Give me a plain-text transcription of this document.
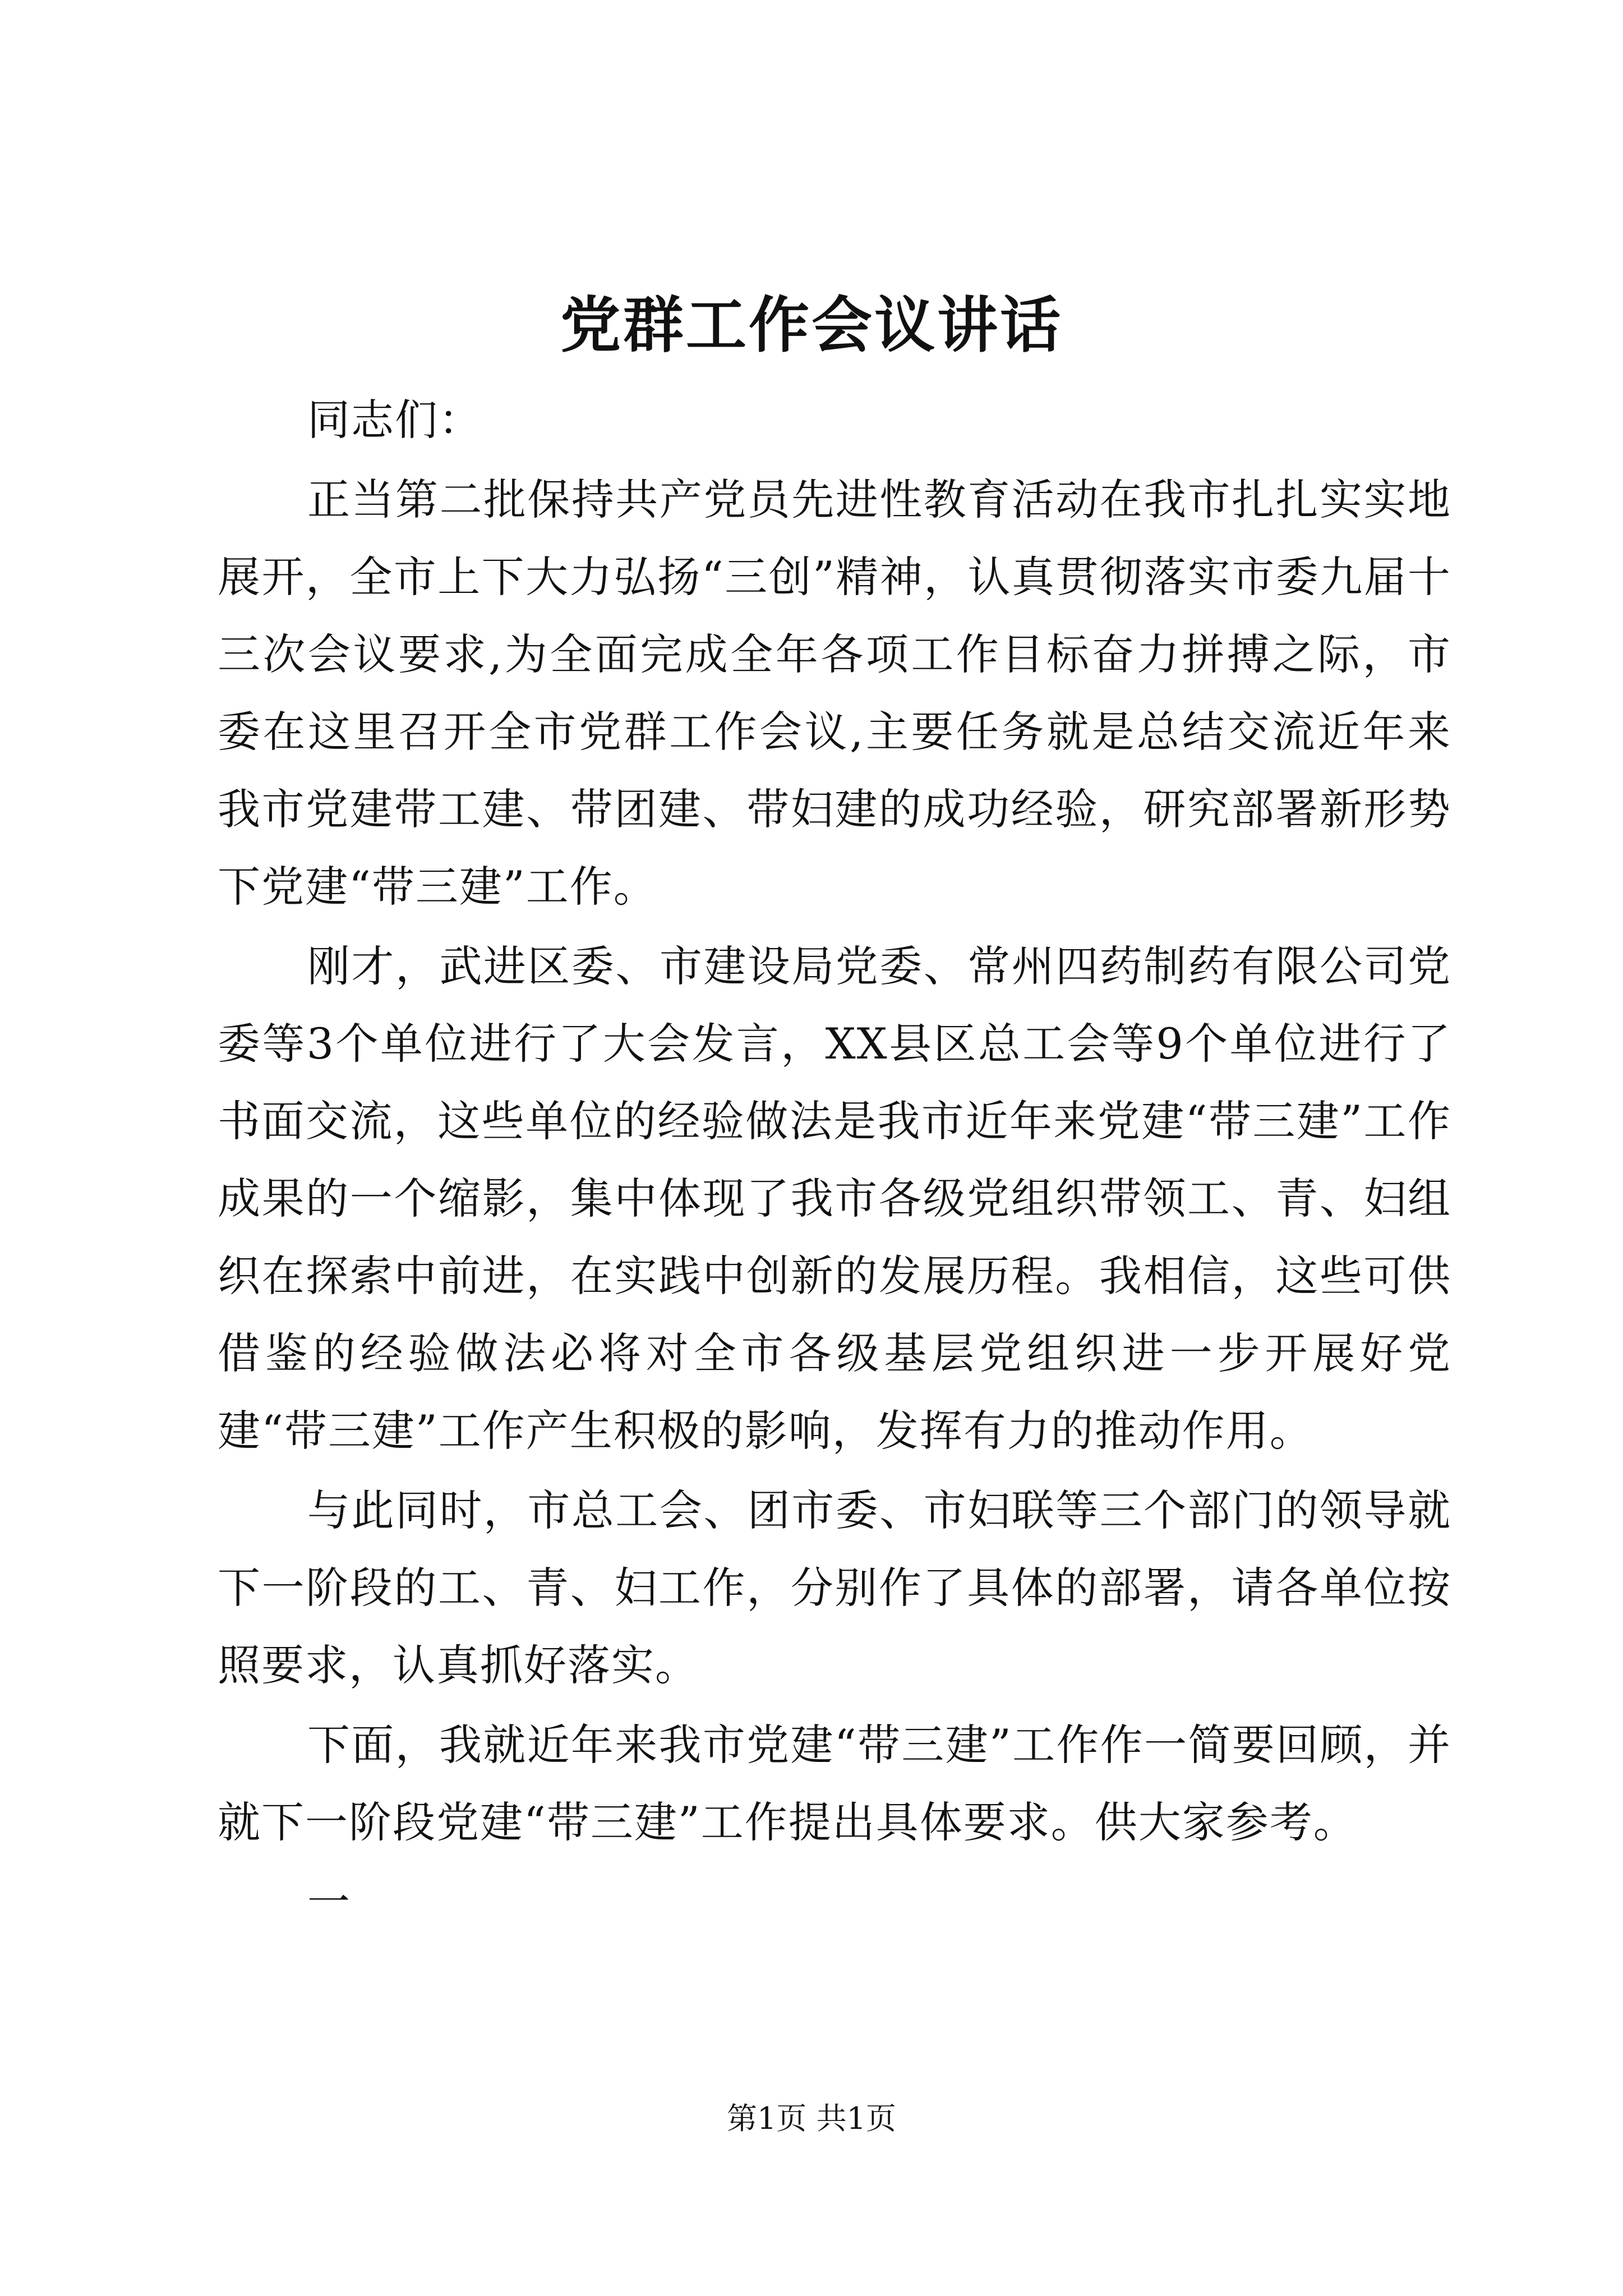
党群工作会议讲话

同志们：

正当第二批保持共产党员先进性教育活动在我市扎扎实实地展开，全市上下大力弘扬“三创”精神，认真贯彻落实市委九届十三次会议要求,为全面完成全年各项工作目标奋力拼搏之际，市委在这里召开全市党群工作会议,主要任务就是总结交流近年来我市党建带工建、带团建、带妇建的成功经验，研究部署新形势下党建“带三建”工作。

刚才，武进区委、市建设局党委、常州四药制药有限公司党委等3个单位进行了大会发言，XX县区总工会等9个单位进行了书面交流，这些单位的经验做法是我市近年来党建“带三建”工作成果的一个缩影，集中体现了我市各级党组织带领工、青、妇组织在探索中前进，在实践中创新的发展历程。我相信，这些可供借鉴的经验做法必将对全市各级基层党组织进一步开展好党建“带三建”工作产生积极的影响，发挥有力的推动作用。

与此同时，市总工会、团市委、市妇联等三个部门的领导就下一阶段的工、青、妇工作，分别作了具体的部署，请各单位按照要求，认真抓好落实。

下面，我就近年来我市党建“带三建”工作作一简要回顾，并就下一阶段党建“带三建”工作提出具体要求。供大家参考。

一

第1页 共1页
